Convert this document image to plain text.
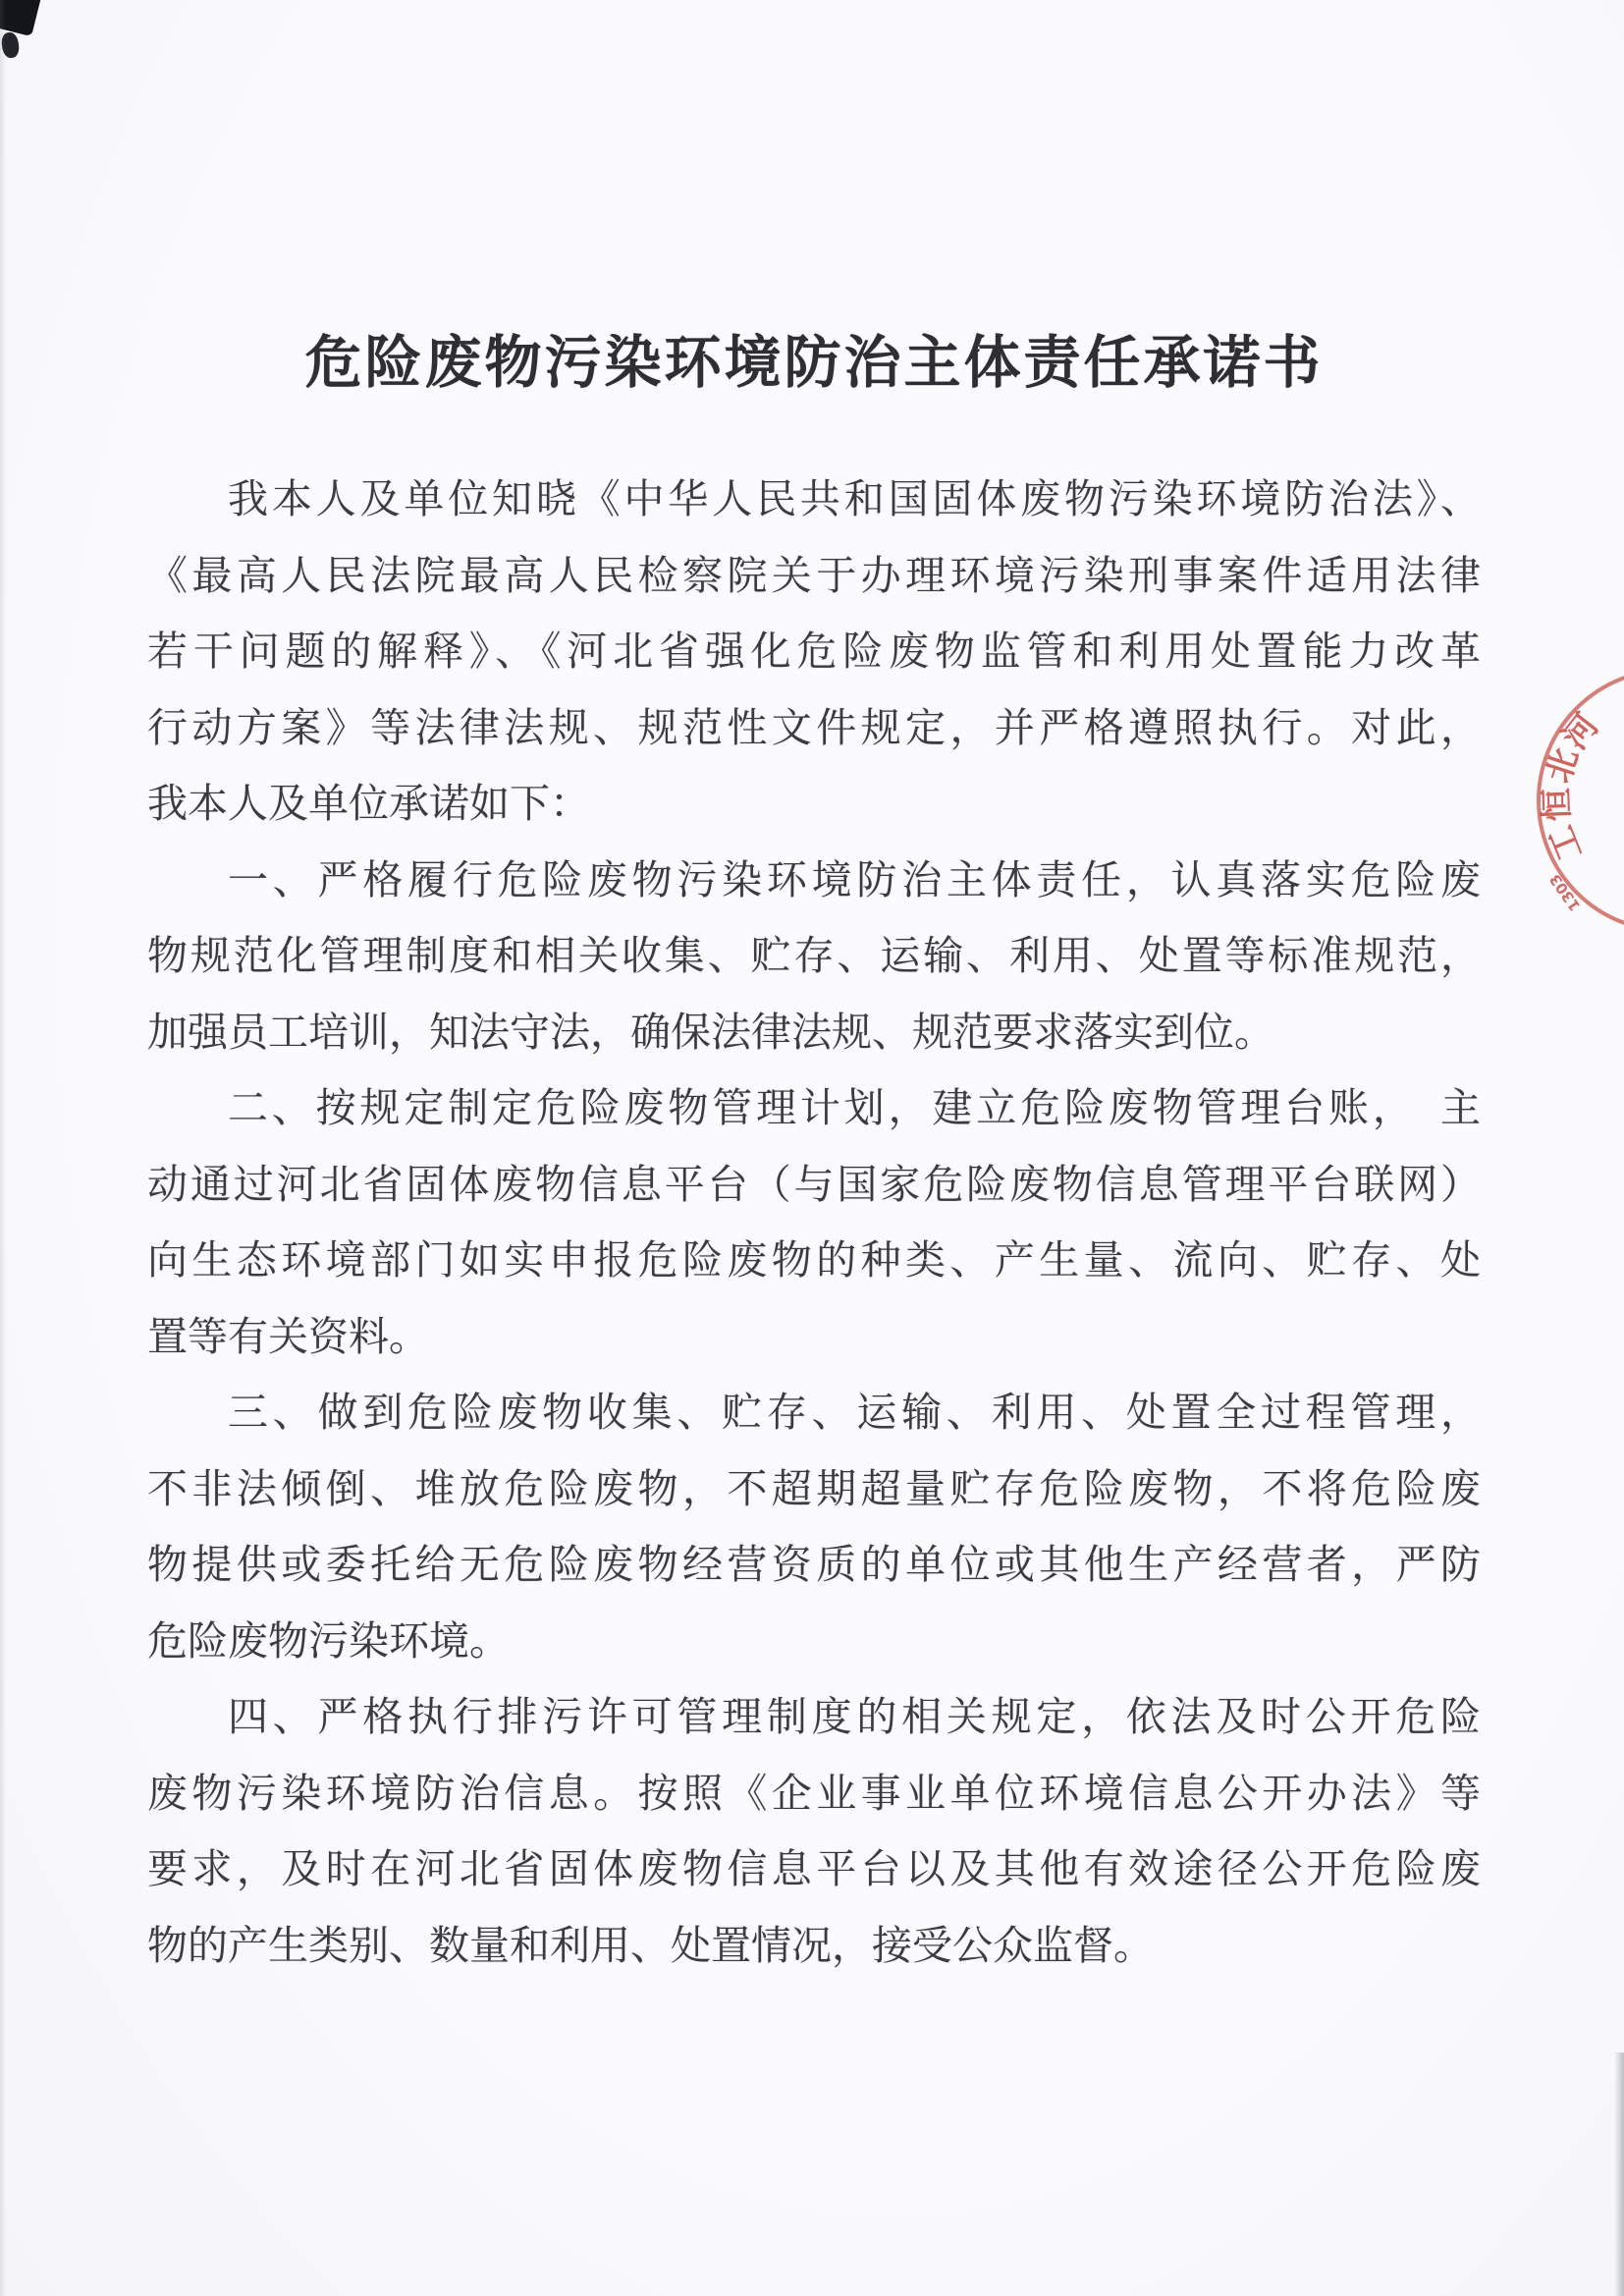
危险废物污染环境防治主体责任承诺书
我本人及单位知晓《中华人民共和国固体废物污染环境防治法》、
《最高人民法院最高人民检察院关于办理环境污染刑事案件适用法律
若干问题的解释》、《河北省强化危险废物监管和利用处置能力改革
行动方案》等法律法规、规范性文件规定，并严格遵照执行。对此，
我本人及单位承诺如下：
一、严格履行危险废物污染环境防治主体责任，认真落实危险废
物规范化管理制度和相关收集、贮存、运输、利用、处置等标准规范，
加强员工培训，知法守法，确保法律法规、规范要求落实到位。
二、按规定制定危险废物管理计划，建立危险废物管理台账，　主
动通过河北省固体废物信息平台（与国家危险废物信息管理平台联网）
向生态环境部门如实申报危险废物的种类、产生量、流向、贮存、处
置等有关资料。
三、做到危险废物收集、贮存、运输、利用、处置全过程管理，
不非法倾倒、堆放危险废物，不超期超量贮存危险废物，不将危险废
物提供或委托给无危险废物经营资质的单位或其他生产经营者，严防
危险废物污染环境。
四、严格执行排污许可管理制度的相关规定，依法及时公开危险
废物污染环境防治信息。按照《企业事业单位环境信息公开办法》等
要求，及时在河北省固体废物信息平台以及其他有效途径公开危险废
物的产生类别、数量和利用、处置情况，接受公众监督。
河
北
恒
工
1303
